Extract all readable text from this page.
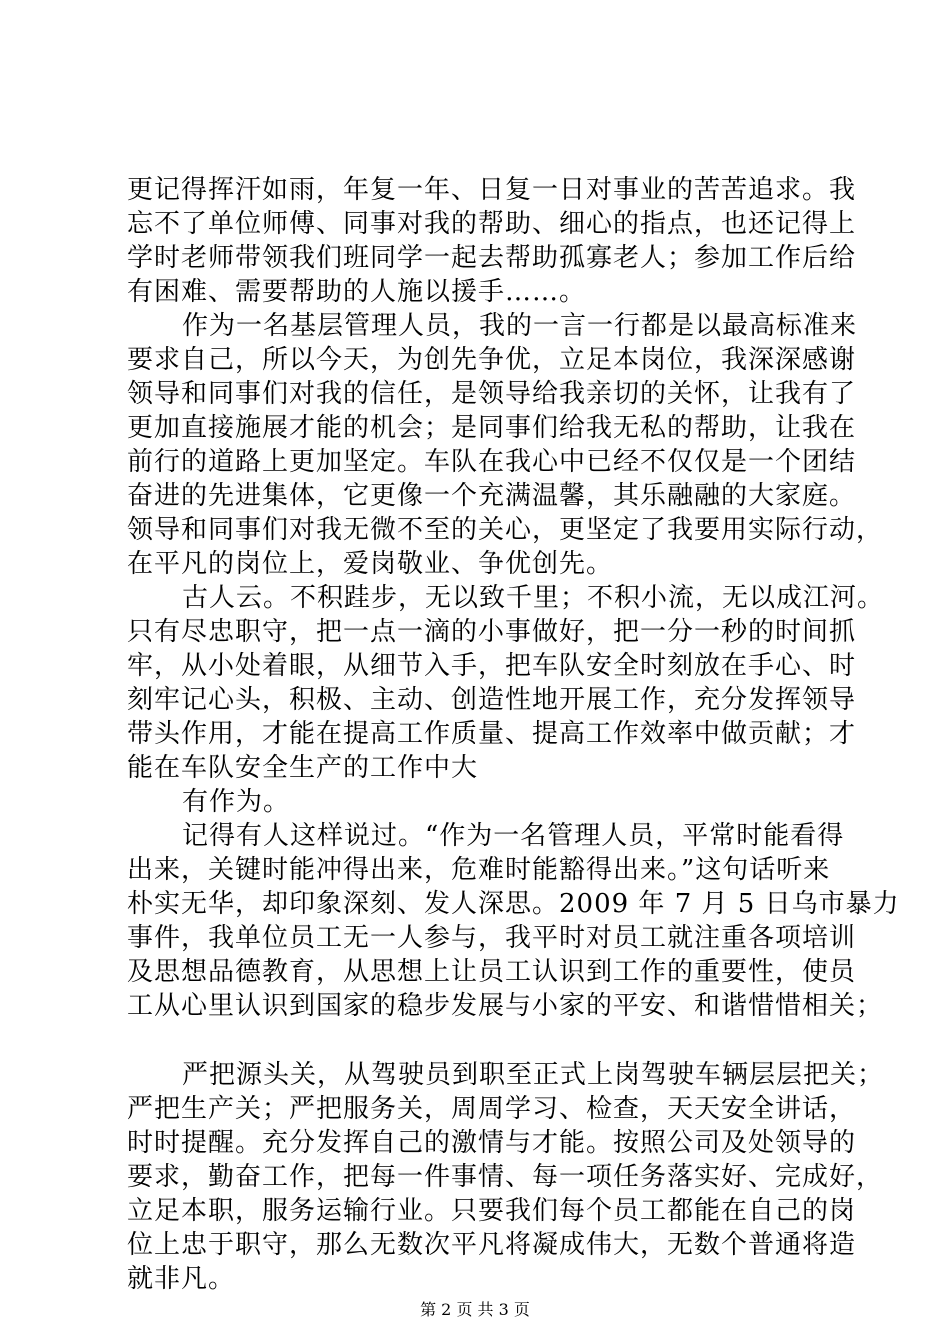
更记得挥汗如雨，年复一年、日复一日对事业的苦苦追求。我
忘不了单位师傅、同事对我的帮助、细心的指点，也还记得上
学时老师带领我们班同学一起去帮助孤寡老人；参加工作后给
有困难、需要帮助的人施以援手……。
作为一名基层管理人员，我的一言一行都是以最高标准来
要求自己，所以今天，为创先争优，立足本岗位，我深深感谢
领导和同事们对我的信任，是领导给我亲切的关怀，让我有了
更加直接施展才能的机会；是同事们给我无私的帮助，让我在
前行的道路上更加坚定。车队在我心中已经不仅仅是一个团结
奋进的先进集体，它更像一个充满温馨，其乐融融的大家庭。
领导和同事们对我无微不至的关心，更坚定了我要用实际行动，
在平凡的岗位上，爱岗敬业、争优创先。
古人云。不积跬步，无以致千里；不积小流，无以成江河。
只有尽忠职守，把一点一滴的小事做好，把一分一秒的时间抓
牢，从小处着眼，从细节入手，把车队安全时刻放在手心、时
刻牢记心头，积极、主动、创造性地开展工作，充分发挥领导
带头作用，才能在提高工作质量、提高工作效率中做贡献；才
能在车队安全生产的工作中大
有作为。
记得有人这样说过。“作为一名管理人员，平常时能看得
出来，关键时能冲得出来，危难时能豁得出来。”这句话听来
朴实无华，却印象深刻、发人深思。2009 年 7 月 5 日乌市暴力
事件，我单位员工无一人参与，我平时对员工就注重各项培训
及思想品德教育，从思想上让员工认识到工作的重要性，使员
工从心里认识到国家的稳步发展与小家的平安、和谐惜惜相关；
严把源头关，从驾驶员到职至正式上岗驾驶车辆层层把关；
严把生产关；严把服务关，周周学习、检查，天天安全讲话，
时时提醒。充分发挥自己的激情与才能。按照公司及处领导的
要求，勤奋工作，把每一件事情、每一项任务落实好、完成好，
立足本职，服务运输行业。只要我们每个员工都能在自己的岗
位上忠于职守，那么无数次平凡将凝成伟大，无数个普通将造
就非凡。
第 2 页 共 3 页
